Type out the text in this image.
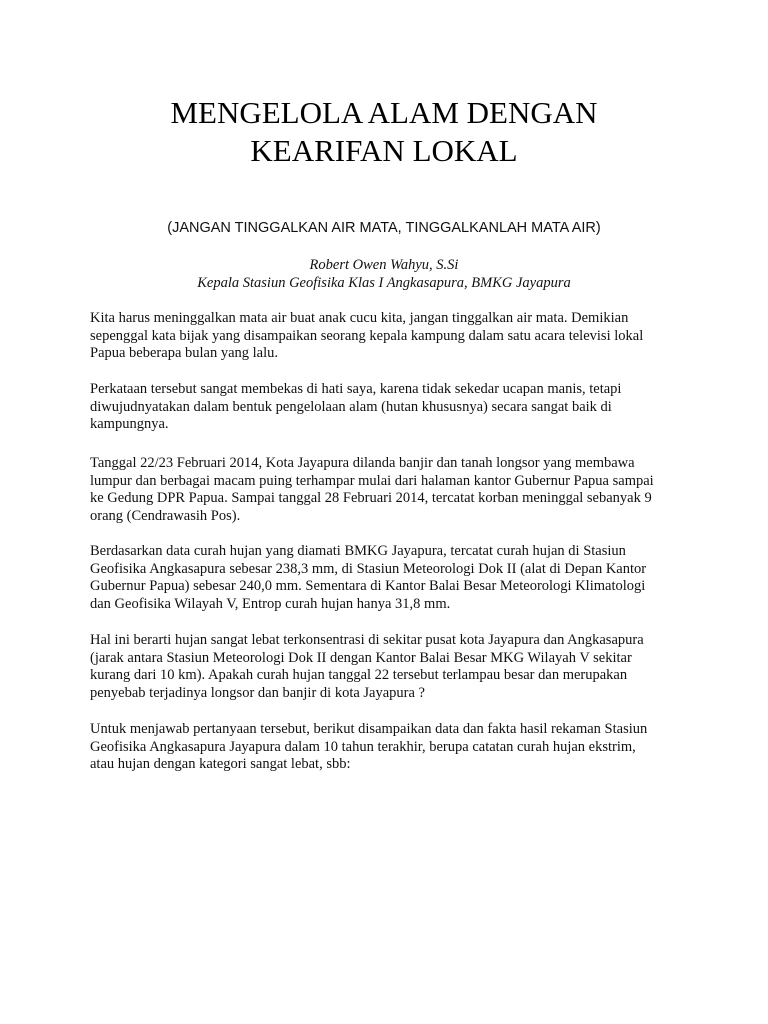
MENGELOLA ALAM DENGAN
KEARIFAN LOKAL

(JANGAN TINGGALKAN AIR MATA, TINGGALKANLAH MATA AIR)

Robert Owen Wahyu, S.Si
Kepala Stasiun Geofisika Klas I Angkasapura, BMKG Jayapura

Kita harus meninggalkan mata air buat anak cucu kita, jangan tinggalkan air mata. Demikian
sepenggal kata bijak yang disampaikan seorang kepala kampung dalam satu acara televisi lokal
Papua beberapa bulan yang lalu.

Perkataan tersebut sangat membekas di hati saya, karena tidak sekedar ucapan manis, tetapi
diwujudnyatakan dalam bentuk pengelolaan alam (hutan khususnya) secara sangat baik di
kampungnya.

Tanggal 22/23 Februari 2014, Kota Jayapura dilanda banjir dan tanah longsor yang membawa
lumpur dan berbagai macam puing terhampar mulai dari halaman kantor Gubernur Papua sampai
ke Gedung DPR Papua. Sampai tanggal 28 Februari 2014, tercatat korban meninggal sebanyak 9
orang (Cendrawasih Pos).

Berdasarkan data curah hujan yang diamati BMKG Jayapura, tercatat curah hujan di Stasiun
Geofisika Angkasapura sebesar 238,3 mm, di Stasiun Meteorologi Dok II (alat di Depan Kantor
Gubernur Papua) sebesar 240,0 mm. Sementara di Kantor Balai Besar Meteorologi Klimatologi
dan Geofisika Wilayah V, Entrop curah hujan hanya 31,8 mm.

Hal ini berarti hujan sangat lebat terkonsentrasi di sekitar pusat kota Jayapura dan Angkasapura
(jarak antara Stasiun Meteorologi Dok II dengan Kantor Balai Besar MKG Wilayah V sekitar
kurang dari 10 km). Apakah curah hujan tanggal 22 tersebut terlampau besar dan merupakan
penyebab terjadinya longsor dan banjir di kota Jayapura ?

Untuk menjawab pertanyaan tersebut, berikut disampaikan data dan fakta hasil rekaman Stasiun
Geofisika Angkasapura Jayapura dalam 10 tahun terakhir, berupa catatan curah hujan ekstrim,
atau hujan dengan kategori sangat lebat, sbb:
